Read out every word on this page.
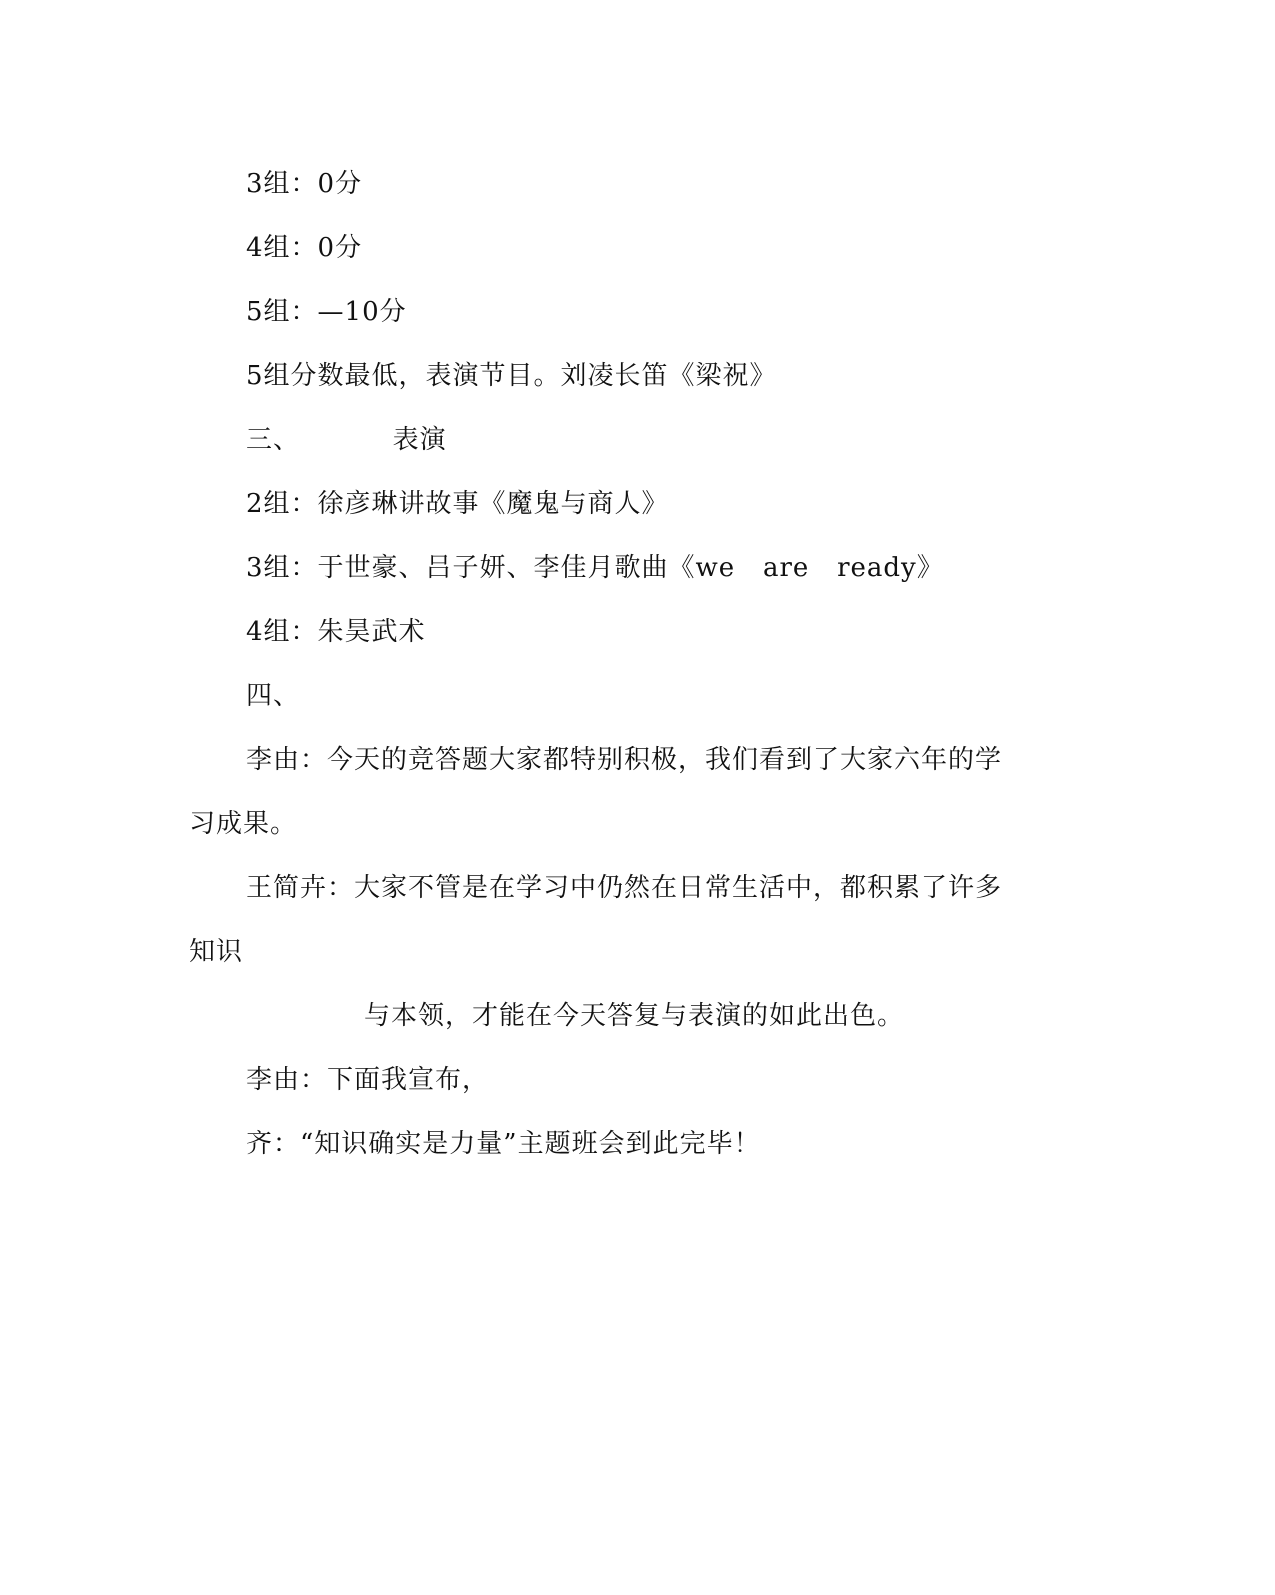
3组：0分
4组：0分
5组：—10分
5组分数最低，表演节目。刘凌长笛《梁祝》
三、          表演
2组：徐彦琳讲故事《魔鬼与商人》
3组：于世豪、吕子妍、李佳月歌曲《we   are   ready》
4组：朱昊武术
四、
李由：今天的竞答题大家都特别积极，我们看到了大家六年的学
习成果。
王简卉：大家不管是在学习中仍然在日常生活中，都积累了许多
知识
与本领，才能在今天答复与表演的如此出色。
李由：下面我宣布，
齐：“知识确实是力量”主题班会到此完毕！
